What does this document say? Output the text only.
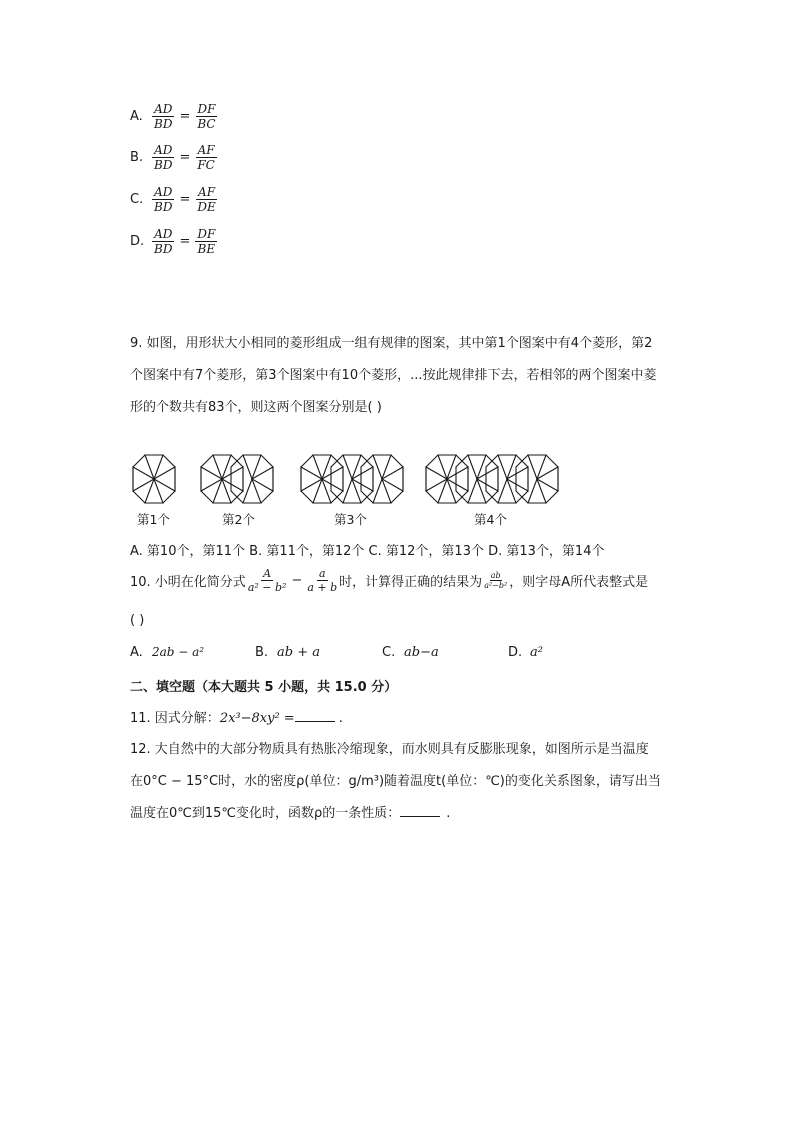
A. $\frac{AD}{BD} = \frac{DF}{BC}$
B. $\frac{AD}{BD} = \frac{AF}{FC}$
C. $\frac{AD}{BD} = \frac{AF}{DE}$
D. $\frac{AD}{BD} = \frac{DF}{BE}$
9. 如图，用形状大小相同的菱形组成一组有规律的图案，其中第1个图案中有4个菱形，第2
个图案中有7个菱形，第3个图案中有10个菱形，...按此规律排下去，若相邻的两个图案中菱
形的个数共有83个，则这两个图案分别是( )
第1个	第2个	第3个	第4个
A. 第10个，第11个 B. 第11个，第12个 C. 第12个，第13个 D. 第13个，第14个
10. 小明在化简分式 $\frac{A}{\text{a² − b²}} - \frac{a}{a + b}$ 时，计算得正确的结果为 $\frac{ab}{\text{a²−b²}}$ ，则字母A所代表整式是
( )
A. 2ab − a²	B. ab + a	C. ab−a	D. a²
二、填空题（本大题共 5 小题，共 15.0 分）
11. 因式分解：2x³−8xy² =	.
12. 大自然中的大部分物质具有热胀冷缩现象，而水则具有反膨胀现象，如图所示是当温度
在0°C − 15°C时，水的密度ρ(单位：g/m³)随着温度t(单位：℃)的变化关系图象，请写出当
温度在0℃到15℃变化时，函数ρ的一条性质：	.
